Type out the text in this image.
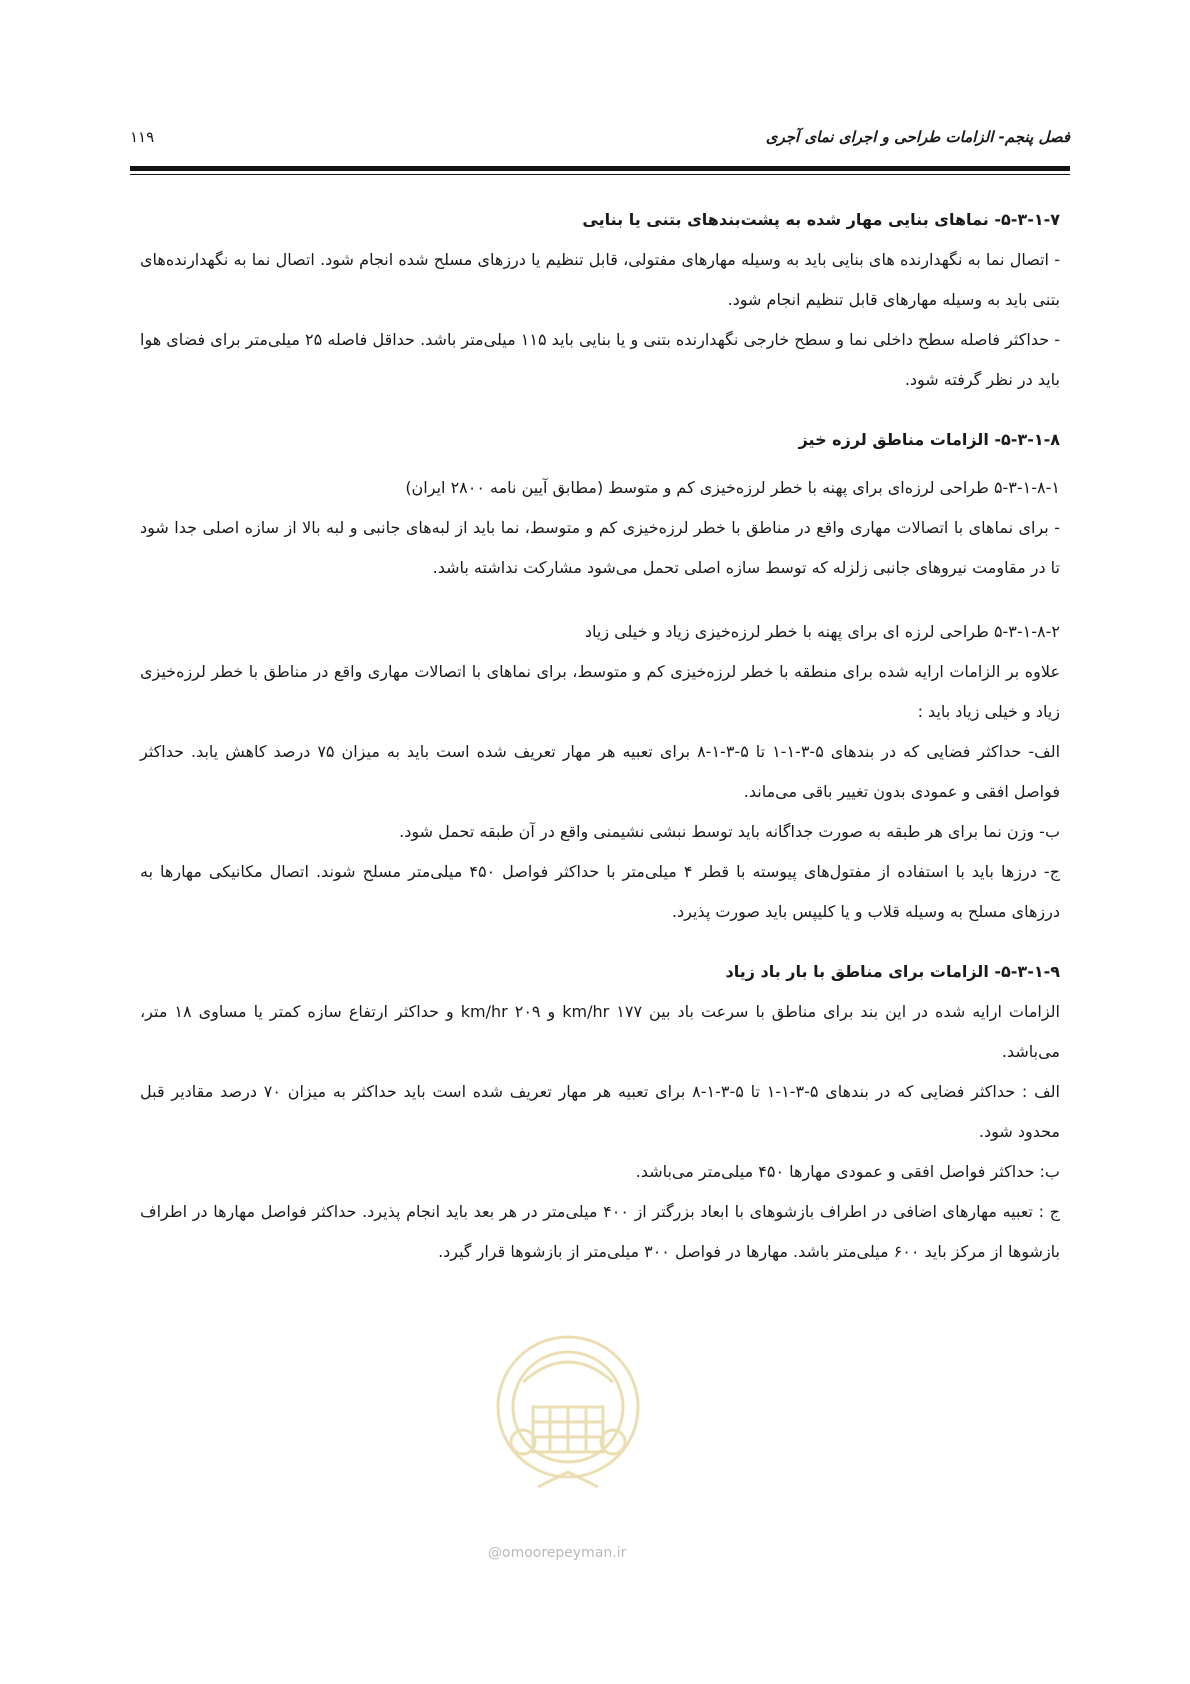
فصل پنجم- الزامات طراحی و اجرای نمای آجری
۱۱۹

۵-۳-۱-۷- نماهای بنایی مهار شده به پشت‌بندهای بتنی یا بنایی

- اتصال نما به نگهدارنده های بنایی باید به وسیله مهارهای مفتولی، قابل تنظیم یا درزهای مسلح شده انجام شود. اتصال نما به نگهدارنده‌های بتنی باید به وسیله مهارهای قابل تنظیم انجام شود.

- حداکثر فاصله سطح داخلی نما و سطح خارجی نگهدارنده بتنی و یا بنایی باید ۱۱۵ میلی‌متر باشد. حداقل فاصله ۲۵ میلی‌متر برای فضای هوا باید در نظر گرفته شود.

۵-۳-۱-۸- الزامات مناطق لرزه خیز

۵-۳-۱-۸-۱ طراحی لرزه‌ای برای پهنه با خطر لرزه‌خیزی کم و متوسط (مطابق آیین نامه ۲۸۰۰ ایران)

- برای نماهای با اتصالات مهاری واقع در مناطق با خطر لرزه‌خیزی کم و متوسط، نما باید از لبه‌های جانبی و لبه بالا از سازه اصلی جدا شود تا در مقاومت نیروهای جانبی زلزله که توسط سازه اصلی تحمل می‌شود مشارکت نداشته باشد.

۵-۳-۱-۸-۲ طراحی لرزه ای برای پهنه با خطر لرزه‌خیزی زیاد و خیلی زیاد

علاوه بر الزامات ارایه شده برای منطقه با خطر لرزه‌خیزی کم و متوسط، برای نماهای با اتصالات مهاری واقع در مناطق با خطر لرزه‌خیزی زیاد و خیلی زیاد باید :

الف- حداکثر فضایی که در بندهای ۵-۳-۱-۱ تا ۵-۳-۱-۸ برای تعبیه هر مهار تعریف شده است باید به میزان ۷۵ درصد کاهش یابد. حداکثر فواصل افقی و عمودی بدون تغییر باقی می‌ماند.

ب- وزن نما برای هر طبقه به صورت جداگانه باید توسط نبشی نشیمنی واقع در آن طبقه تحمل شود.

ج- درزها باید با استفاده از مفتول‌های پیوسته با قطر ۴ میلی‌متر با حداکثر فواصل ۴۵۰ میلی‌متر مسلح شوند. اتصال مکانیکی مهارها به درزهای مسلح به وسیله قلاب و یا کلیپس باید صورت پذیرد.

۵-۳-۱-۹- الزامات برای مناطق با بار باد زیاد

الزامات ارایه شده در این بند برای مناطق با سرعت باد بین ۱۷۷ km/hr و ۲۰۹ km/hr و حداکثر ارتفاع سازه کمتر یا مساوی ۱۸ متر، می‌باشد.

الف : حداکثر فضایی که در بندهای ۵-۳-۱-۱ تا ۵-۳-۱-۸ برای تعبیه هر مهار تعریف شده است باید حداکثر به میزان ۷۰ درصد مقادیر قبل محدود شود.

ب: حداکثر فواصل افقی و عمودی مهارها ۴۵۰ میلی‌متر می‌باشد.

ج : تعبیه مهارهای اضافی در اطراف بازشوهای با ابعاد بزرگتر از ۴۰۰ میلی‌متر در هر بعد باید انجام پذیرد. حداکثر فواصل مهارها در اطراف بازشوها از مرکز باید ۶۰۰ میلی‌متر باشد. مهارها در فواصل ۳۰۰ میلی‌متر از بازشوها قرار گیرد.

@omoorepeyman.ir
